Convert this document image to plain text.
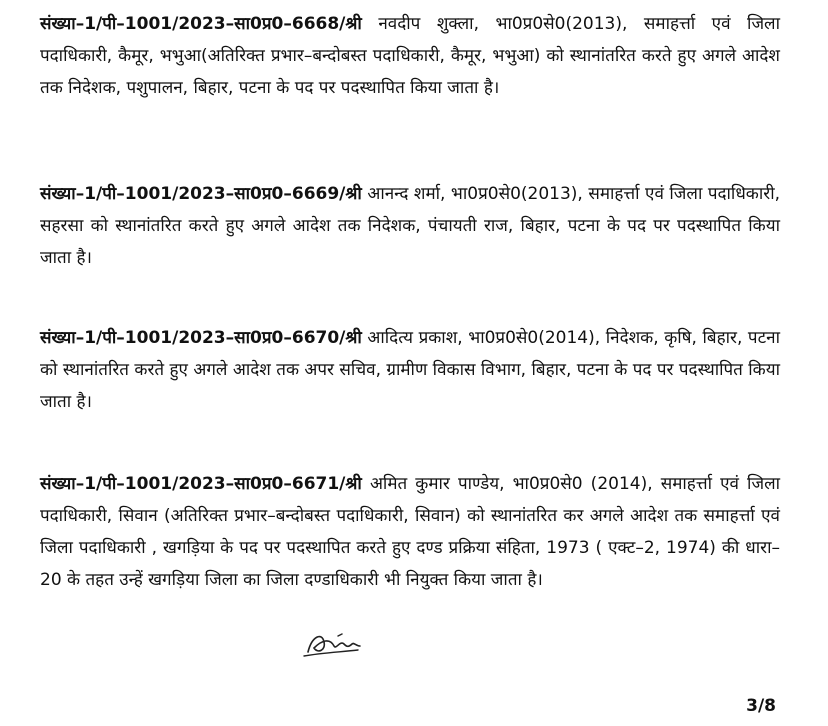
संख्या–1/पी–1001/2023–सा0प्र0–6668/श्री नवदीप शुक्ला, भा0प्र0से0(2013), समाहर्त्ता एवं जिला पदाधिकारी, कैमूर, भभुआ(अतिरिक्त प्रभार–बन्दोबस्त पदाधिकारी, कैमूर, भभुआ) को स्थानांतरित करते हुए अगले आदेश तक निदेशक, पशुपालन, बिहार, पटना के पद पर पदस्थापित किया जाता है।

संख्या–1/पी–1001/2023–सा0प्र0–6669/श्री आनन्द शर्मा, भा0प्र0से0(2013), समाहर्त्ता एवं जिला पदाधिकारी, सहरसा को स्थानांतरित करते हुए अगले आदेश तक निदेशक, पंचायती राज, बिहार, पटना के पद पर पदस्थापित किया जाता है।

संख्या–1/पी–1001/2023–सा0प्र0–6670/श्री आदित्य प्रकाश, भा0प्र0से0(2014), निदेशक, कृषि, बिहार, पटना को स्थानांतरित करते हुए अगले आदेश तक अपर सचिव, ग्रामीण विकास विभाग, बिहार, पटना के पद पर पदस्थापित किया जाता है।

संख्या–1/पी–1001/2023–सा0प्र0–6671/श्री अमित कुमार पाण्डेय, भा0प्र0से0 (2014), समाहर्त्ता एवं जिला पदाधिकारी, सिवान (अतिरिक्त प्रभार–बन्दोबस्त पदाधिकारी, सिवान) को स्थानांतरित कर अगले आदेश तक समाहर्त्ता एवं जिला पदाधिकारी , खगड़िया के पद पर पदस्थापित करते हुए दण्ड प्रक्रिया संहिता, 1973 ( एक्ट–2, 1974) की धारा–20 के तहत उन्हें खगड़िया जिला का जिला दण्डाधिकारी भी नियुक्त किया जाता है।

3/8
